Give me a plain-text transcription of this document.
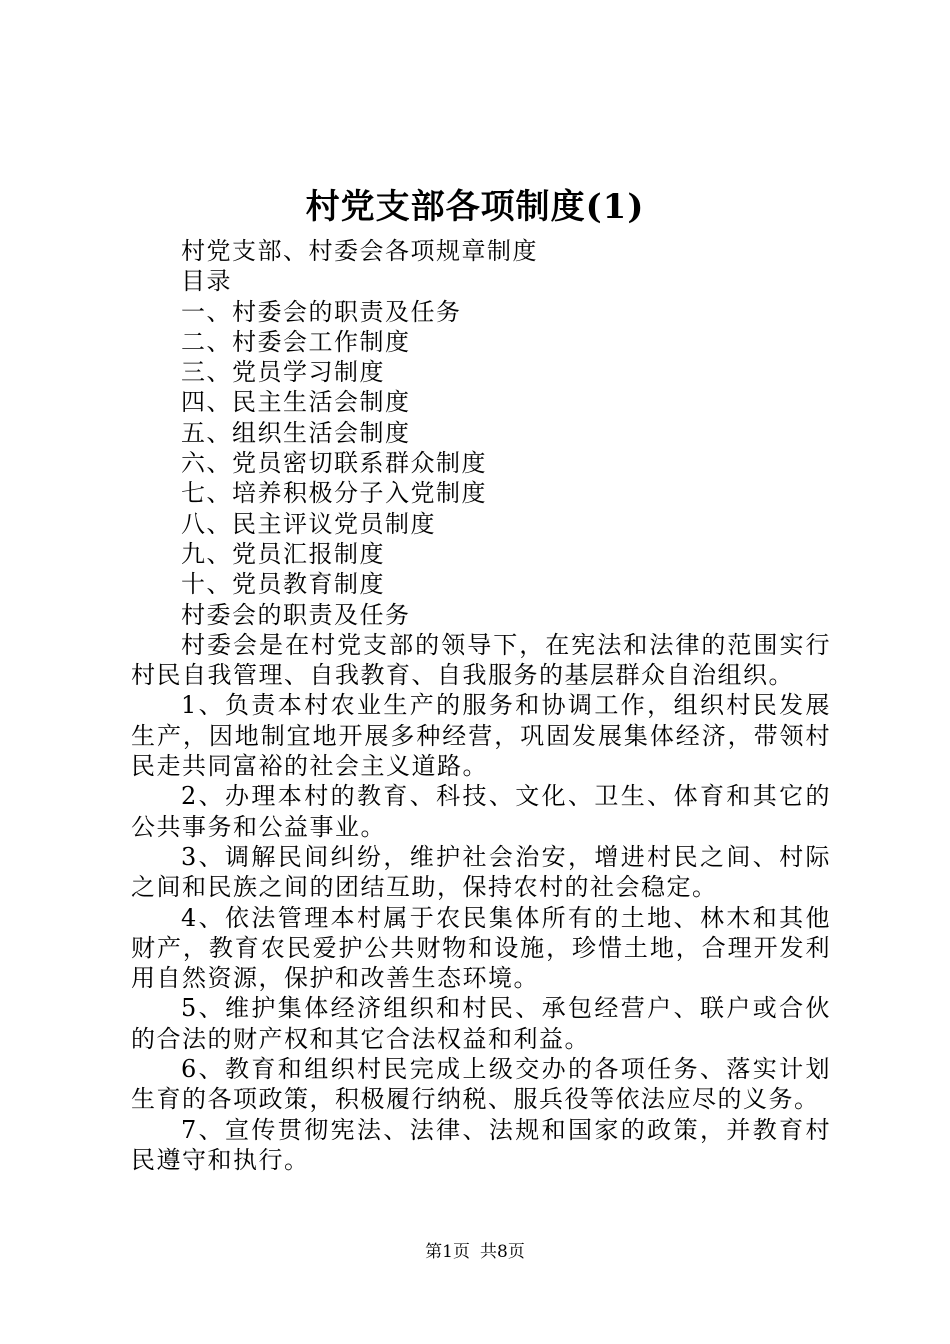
村党支部各项制度(1)

村党支部、村委会各项规章制度

目录

一、村委会的职责及任务

二、村委会工作制度

三、党员学习制度

四、民主生活会制度

五、组织生活会制度

六、党员密切联系群众制度

七、培养积极分子入党制度

八、民主评议党员制度

九、党员汇报制度

十、党员教育制度

村委会的职责及任务

村委会是在村党支部的领导下，在宪法和法律的范围实行村民自我管理、自我教育、自我服务的基层群众自治组织。

1、负责本村农业生产的服务和协调工作，组织村民发展生产，因地制宜地开展多种经营，巩固发展集体经济，带领村民走共同富裕的社会主义道路。

2、办理本村的教育、科技、文化、卫生、体育和其它的公共事务和公益事业。

3、调解民间纠纷，维护社会治安，增进村民之间、村际之间和民族之间的团结互助，保持农村的社会稳定。

4、依法管理本村属于农民集体所有的土地、林木和其他财产，教育农民爱护公共财物和设施，珍惜土地，合理开发利用自然资源，保护和改善生态环境。

5、维护集体经济组织和村民、承包经营户、联户或合伙的合法的财产权和其它合法权益和利益。

6、教育和组织村民完成上级交办的各项任务、落实计划生育的各项政策，积极履行纳税、服兵役等依法应尽的义务。

7、宣传贯彻宪法、法律、法规和国家的政策，并教育村民遵守和执行。

第1页 共8页
